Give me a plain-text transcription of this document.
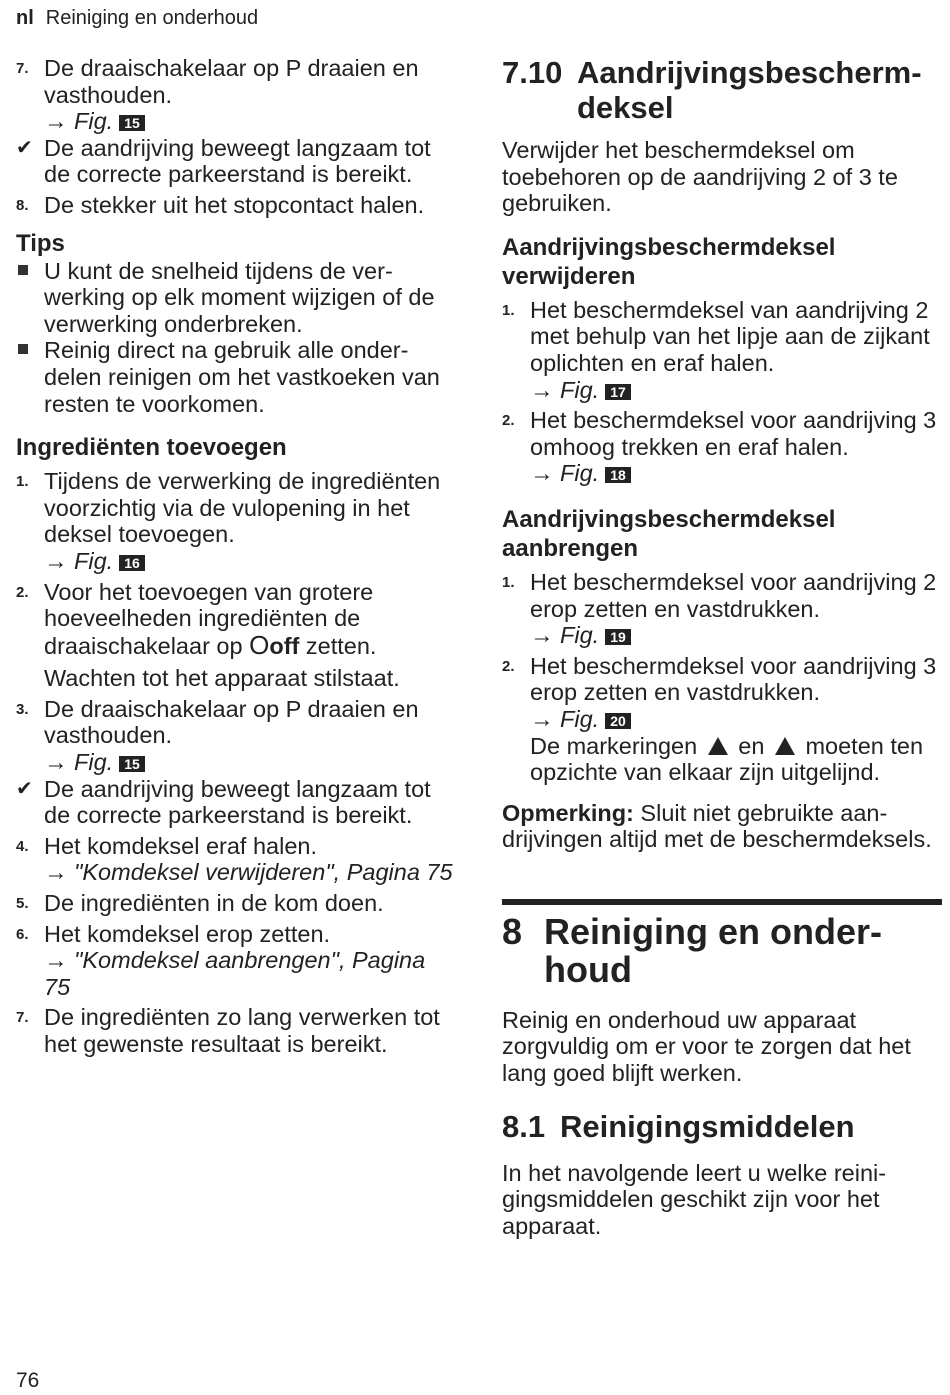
nl Reiniging en onderhoud
7. De draaischakelaar op P draaien en vasthouden.
→ Fig. 15
✔ De aandrijving beweegt langzaam tot de correcte parkeerstand is bereikt.
8. De stekker uit het stopcontact halen.
Tips
U kunt de snelheid tijdens de verwerking op elk moment wijzigen of de verwerking onderbreken.
Reinig direct na gebruik alle onderdelen reinigen om het vastkoeken van resten te voorkomen.
Ingrediënten toevoegen
1. Tijdens de verwerking de ingrediënten voorzichtig via de vulopening in het deksel toevoegen.
→ Fig. 16
2. Voor het toevoegen van grotere hoeveelheden ingrediënten de draaischakelaar op Ooff zetten.
Wachten tot het apparaat stilstaat.
3. De draaischakelaar op P draaien en vasthouden.
→ Fig. 15
✔ De aandrijving beweegt langzaam tot de correcte parkeerstand is bereikt.
4. Het komdeksel eraf halen.
→ "Komdeksel verwijderen", Pagina 75
5. De ingrediënten in de kom doen.
6. Het komdeksel erop zetten.
→ "Komdeksel aanbrengen", Pagina 75
7. De ingrediënten zo lang verwerken tot het gewenste resultaat is bereikt.
7.10 Aandrijvingsbeschermdeksel
Verwijder het beschermdeksel om toebehoren op de aandrijving 2 of 3 te gebruiken.
Aandrijvingsbeschermdeksel verwijderen
1. Het beschermdeksel van aandrijving 2 met behulp van het lipje aan de zijkant oplichten en eraf halen.
→ Fig. 17
2. Het beschermdeksel voor aandrijving 3 omhoog trekken en eraf halen.
→ Fig. 18
Aandrijvingsbeschermdeksel aanbrengen
1. Het beschermdeksel voor aandrijving 2 erop zetten en vastdrukken.
→ Fig. 19
2. Het beschermdeksel voor aandrijving 3 erop zetten en vastdrukken.
→ Fig. 20
De markeringen en moeten ten opzichte van elkaar zijn uitgelijnd.
Opmerking: Sluit niet gebruikte aandrijvingen altijd met de beschermdeksels.
8 Reiniging en onderhoud
Reinig en onderhoud uw apparaat zorgvuldig om er voor te zorgen dat het lang goed blijft werken.
8.1 Reinigingsmiddelen
In het navolgende leert u welke reinigingsmiddelen geschikt zijn voor het apparaat.
76
